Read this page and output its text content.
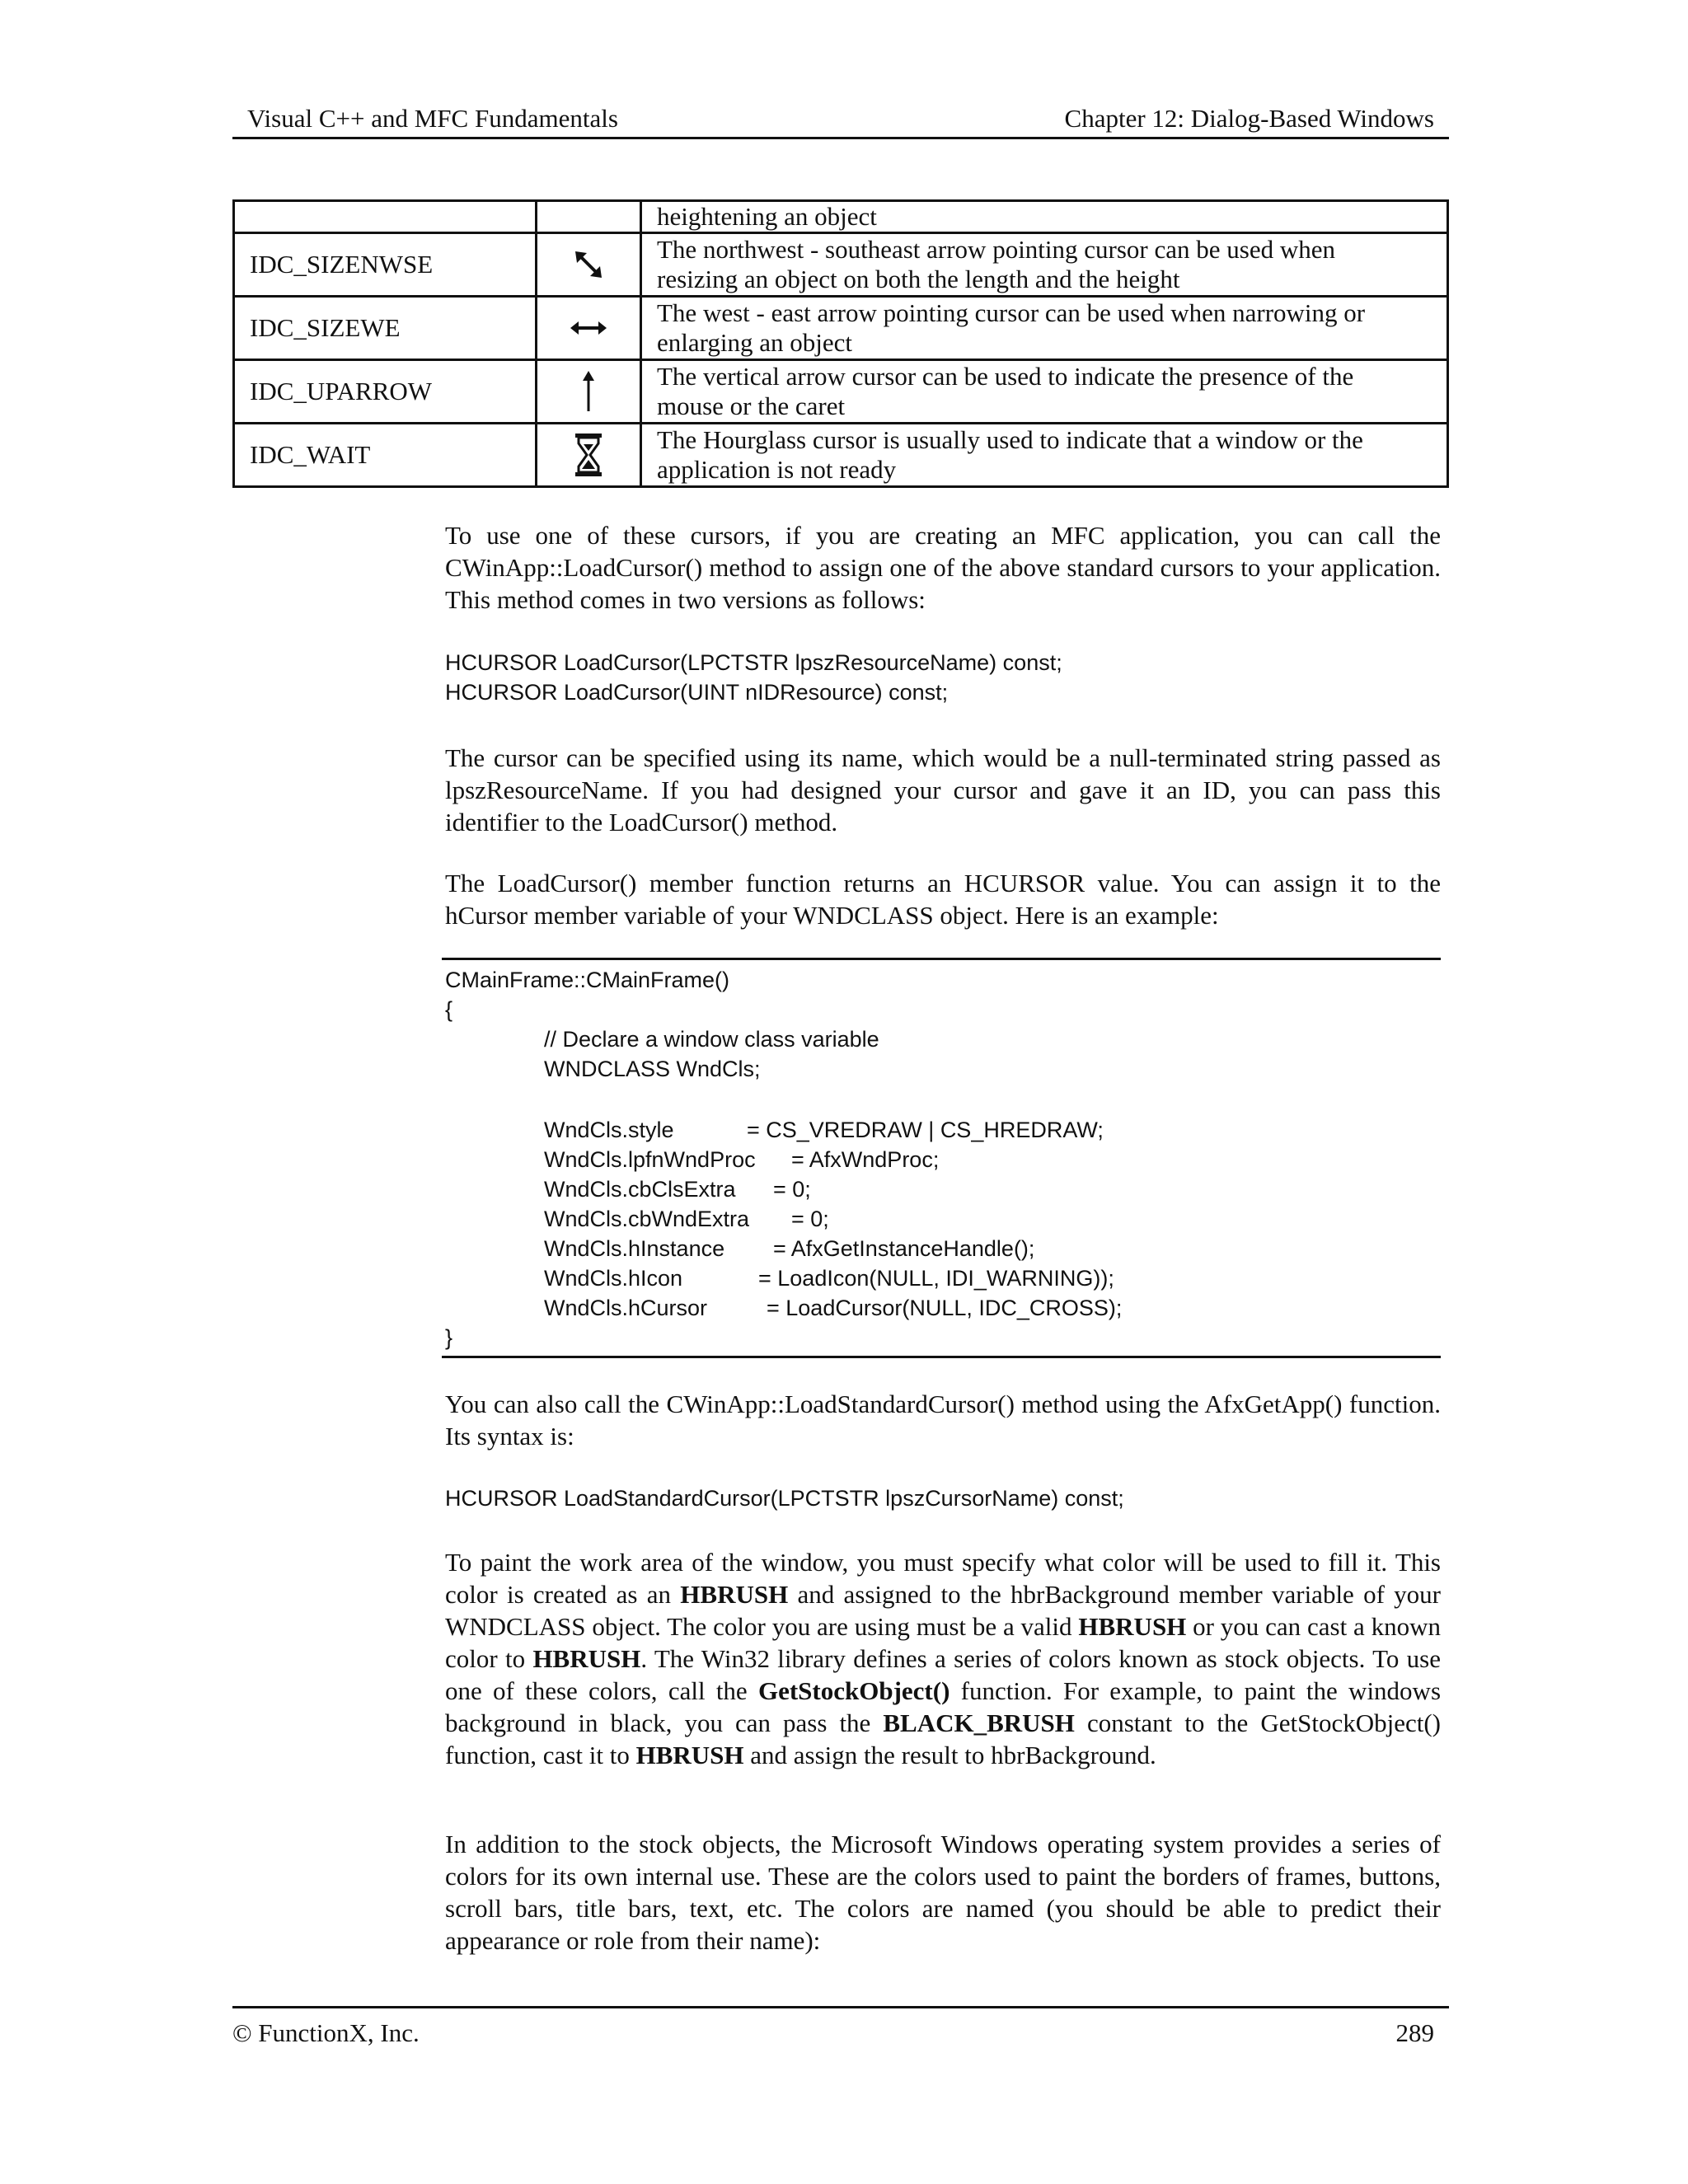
Visual C++ and MFC Fundamentals	Chapter 12: Dialog-Based Windows

		heightening an object

IDC_SIZENWSE		The northwest - southeast arrow pointing cursor can be used when
resizing an object on both the length and the height

IDC_SIZEWE		The west - east arrow pointing cursor can be used when narrowing or
enlarging an object

IDC_UPARROW		The vertical arrow cursor can be used to indicate the presence of the
mouse or the caret

IDC_WAIT		The Hourglass cursor is usually used to indicate that a window or the
application is not ready
To use one of these cursors, if you are creating an MFC application, you can call the CWinApp::LoadCursor() method to assign one of the above standard cursors to your application. This method comes in two versions as follows:
HCURSOR LoadCursor(LPCTSTR lpszResourceName) const;
HCURSOR LoadCursor(UINT nIDResource) const;
The cursor can be specified using its name, which would be a null-terminated string passed as lpszResourceName. If you had designed your cursor and gave it an ID, you can pass this identifier to the LoadCursor() method.
The LoadCursor() member function returns an HCURSOR value. You can assign it to the hCursor member variable of your WNDCLASS object. Here is an example:
CMainFrame::CMainFrame()
{
// Declare a window class variable
WNDCLASS WndCls;
WndCls.style	= CS_VREDRAW | CS_HREDRAW;
WndCls.lpfnWndProc = AfxWndProc;
WndCls.cbClsExtra = 0;
WndCls.cbWndExtra = 0;
WndCls.hInstance = AfxGetInstanceHandle();
WndCls.hIcon	= LoadIcon(NULL, IDI_WARNING));
WndCls.hCursor	= LoadCursor(NULL, IDC_CROSS);
}
You can also call the CWinApp::LoadStandardCursor() method using the AfxGetApp() function. Its syntax is:
HCURSOR LoadStandardCursor(LPCTSTR lpszCursorName) const;
To paint the work area of the window, you must specify what color will be used to fill it. This color is created as an HBRUSH and assigned to the hbrBackground member variable of your WNDCLASS object. The color you are using must be a valid HBRUSH or you can cast a known color to HBRUSH. The Win32 library defines a series of colors known as stock objects. To use one of these colors, call the GetStockObject() function. For example, to paint the windows background in black, you can pass the BLACK_BRUSH constant to the GetStockObject() function, cast it to HBRUSH and assign the result to hbrBackground.
In addition to the stock objects, the Microsoft Windows operating system provides a series of colors for its own internal use. These are the colors used to paint the borders of frames, buttons, scroll bars, title bars, text, etc. The colors are named (you should be able to predict their appearance or role from their name):
© FunctionX, Inc.	289
